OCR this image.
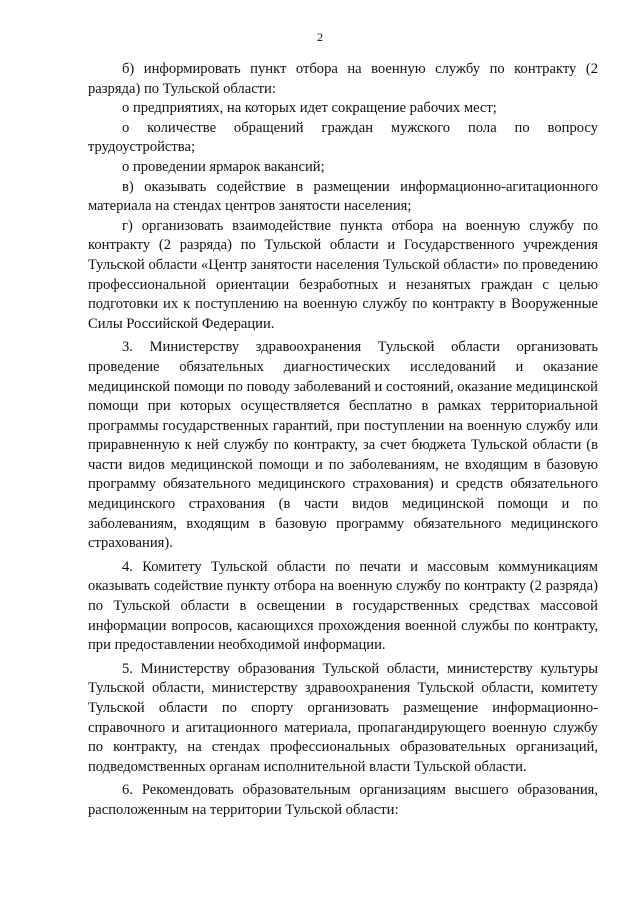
2

б) информировать пункт отбора на военную службу по контракту (2 разряда) по Тульской области:

о предприятиях, на которых идет сокращение рабочих мест;

о количестве обращений граждан мужского пола по вопросу трудоустройства;

о проведении ярмарок вакансий;

в) оказывать содействие в размещении информационно-агитационного материала на стендах центров занятости населения;

г) организовать взаимодействие пункта отбора на военную службу по контракту (2 разряда) по Тульской области и Государственного учреждения Тульской области «Центр занятости населения Тульской области» по проведению профессиональной ориентации безработных и незанятых граждан с целью подготовки их к поступлению на военную службу по контракту в Вооруженные Силы Российской Федерации.

3. Министерству здравоохранения Тульской области организовать проведение обязательных диагностических исследований и оказание медицинской помощи по поводу заболеваний и состояний, оказание медицинской помощи при которых осуществляется бесплатно в рамках территориальной программы государственных гарантий, при поступлении на военную службу или приравненную к ней службу по контракту, за счет бюджета Тульской области (в части видов медицинской помощи и по заболеваниям, не входящим в базовую программу обязательного медицинского страхования) и средств обязательного медицинского страхования (в части видов медицинской помощи и по заболеваниям, входящим в базовую программу обязательного медицинского страхования).

4. Комитету Тульской области по печати и массовым коммуникациям оказывать содействие пункту отбора на военную службу по контракту (2 разряда) по Тульской области в освещении в государственных средствах массовой информации вопросов, касающихся прохождения военной службы по контракту, при предоставлении необходимой информации.

5. Министерству образования Тульской области, министерству культуры Тульской области, министерству здравоохранения Тульской области, комитету Тульской области по спорту организовать размещение информационно-справочного и агитационного материала, пропагандирующего военную службу по контракту, на стендах профессиональных образовательных организаций, подведомственных органам исполнительной власти Тульской области.

6. Рекомендовать образовательным организациям высшего образования, расположенным на территории Тульской области:
